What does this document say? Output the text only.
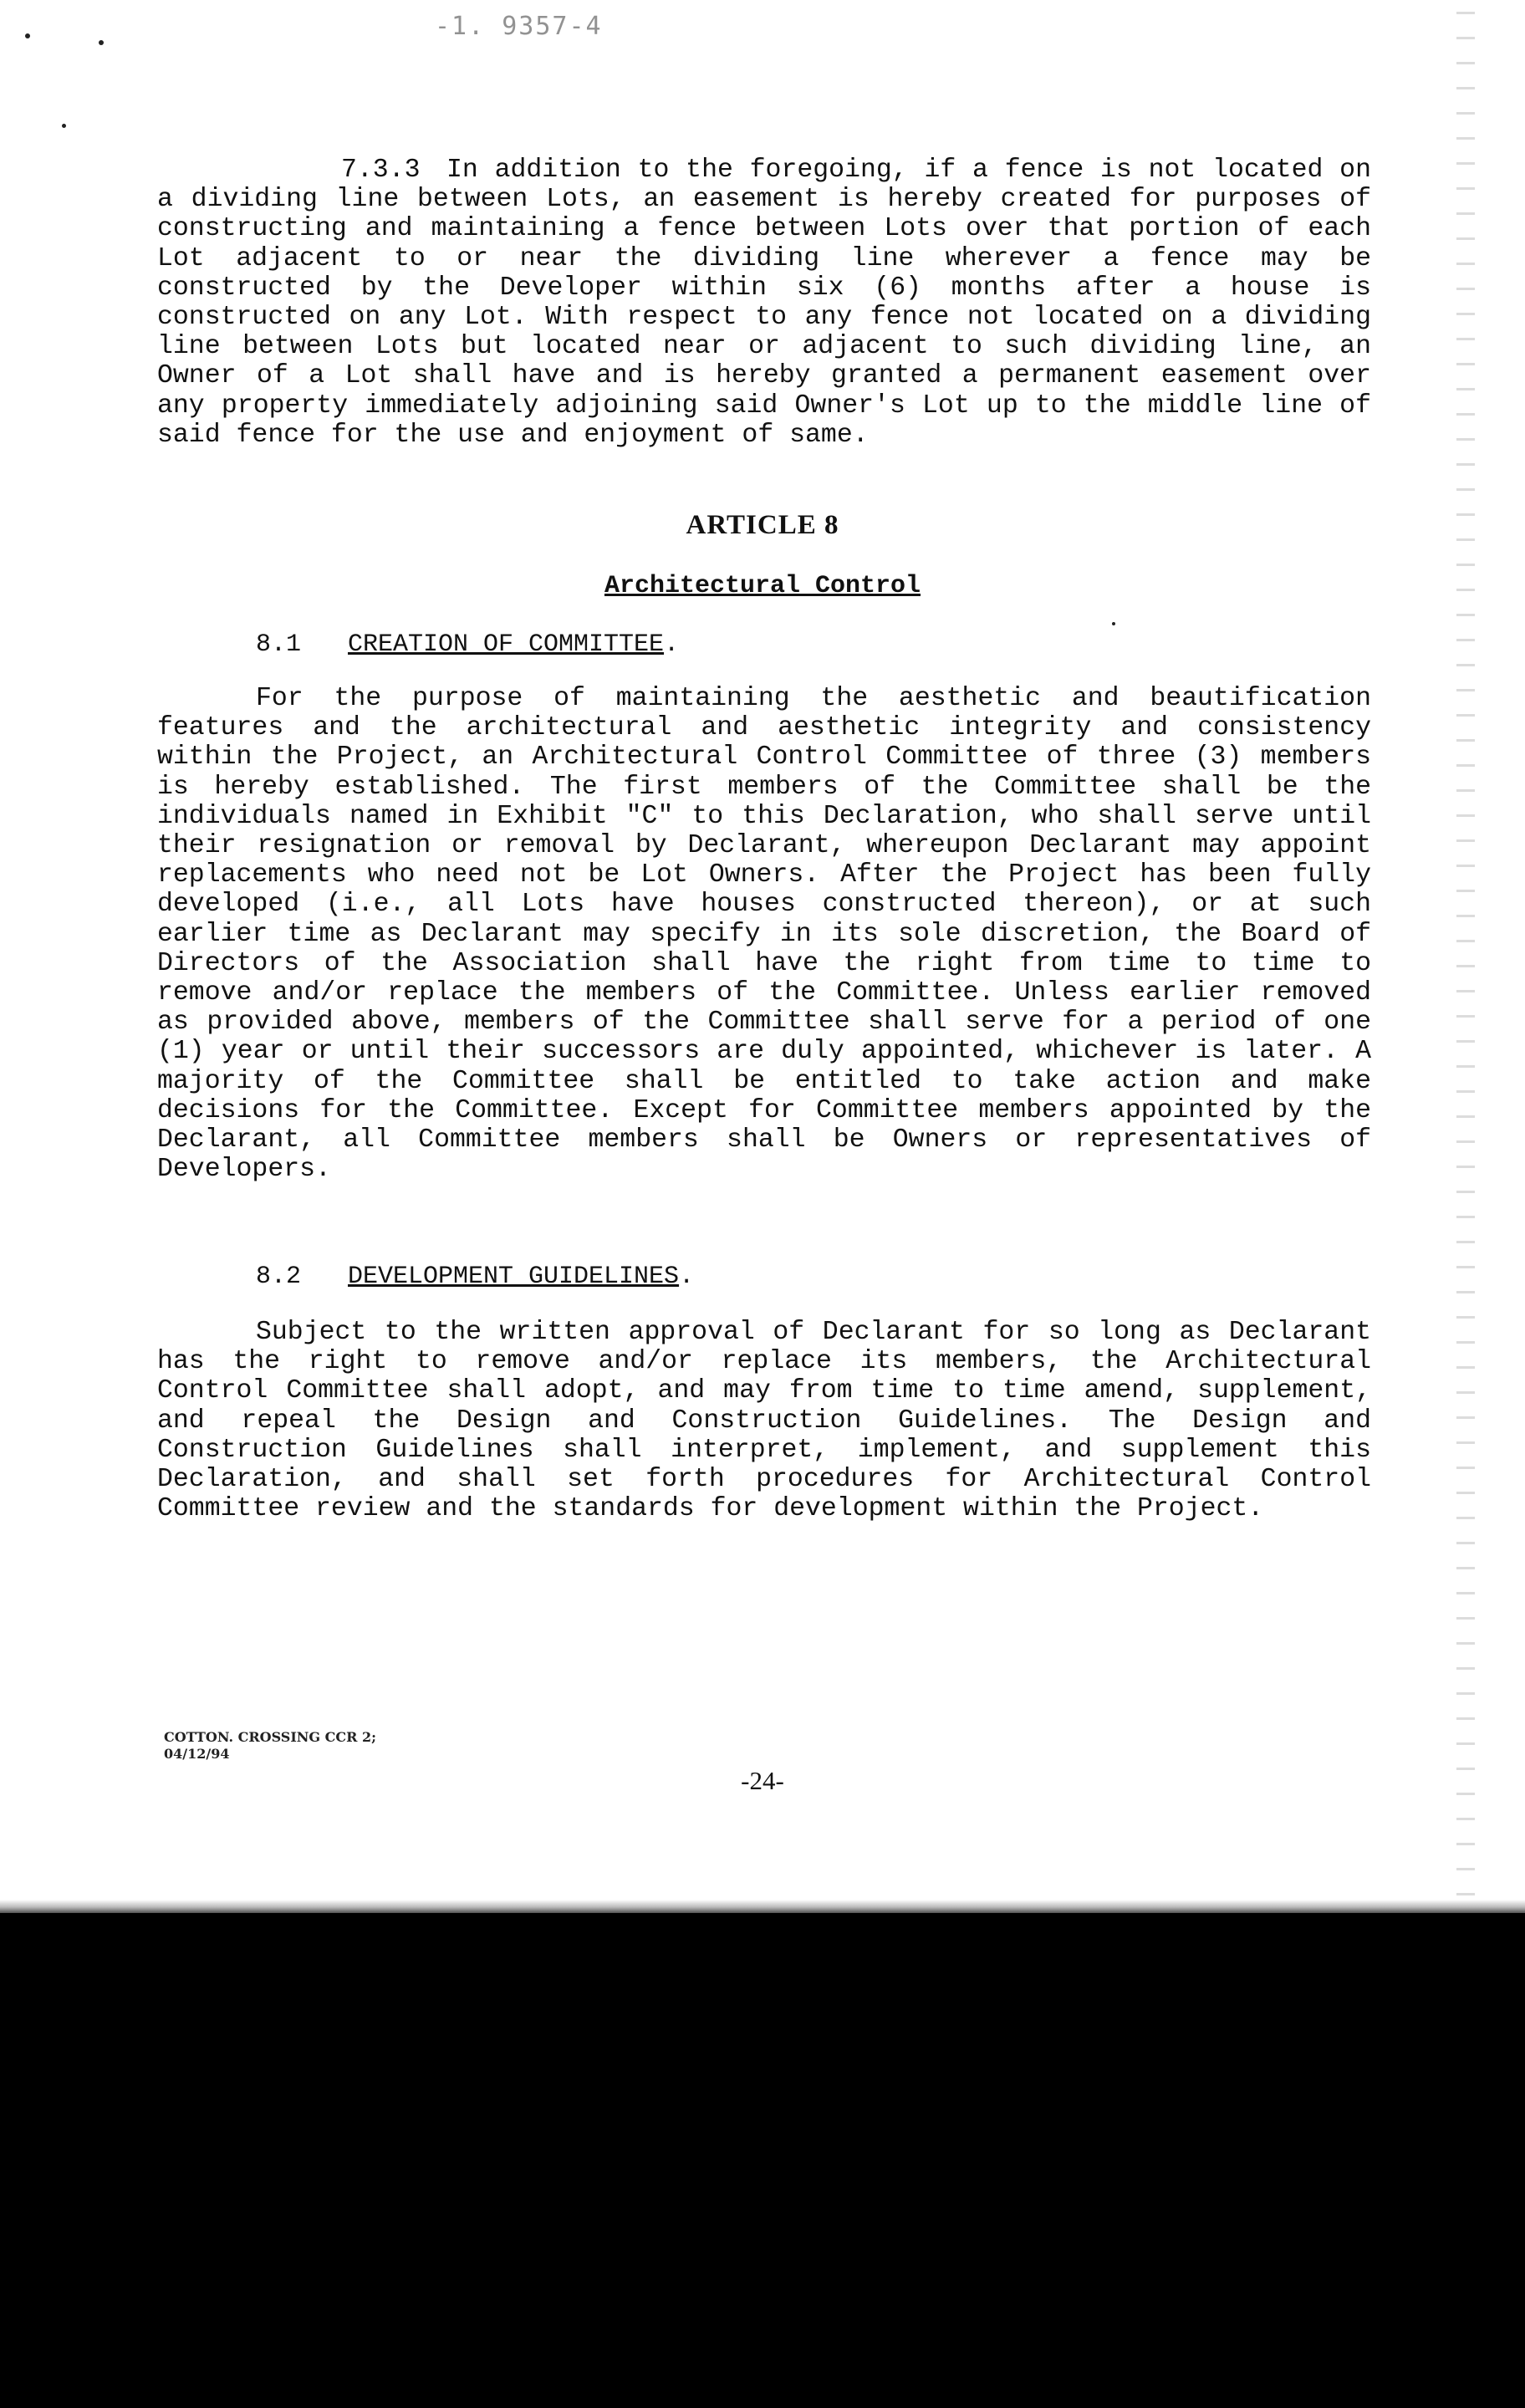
-1. 9357-4

7.3.3 In addition to the foregoing, if a fence is not located on a dividing line between Lots, an easement is hereby created for purposes of constructing and maintaining a fence between Lots over that portion of each Lot adjacent to or near the dividing line wherever a fence may be constructed by the Developer within six (6) months after a house is constructed on any Lot. With respect to any fence not located on a dividing line between Lots but located near or adjacent to such dividing line, an Owner of a Lot shall have and is hereby granted a permanent easement over any property immediately adjoining said Owner's Lot up to the middle line of said fence for the use and enjoyment of same.

ARTICLE 8
Architectural Control
8.1 CREATION OF COMMITTEE.

For the purpose of maintaining the aesthetic and beautification features and the architectural and aesthetic integrity and consistency within the Project, an Architectural Control Committee of three (3) members is hereby established. The first members of the Committee shall be the individuals named in Exhibit "C" to this Declaration, who shall serve until their resignation or removal by Declarant, whereupon Declarant may appoint replacements who need not be Lot Owners. After the Project has been fully developed (i.e., all Lots have houses constructed thereon), or at such earlier time as Declarant may specify in its sole discretion, the Board of Directors of the Association shall have the right from time to time to remove and/or replace the members of the Committee. Unless earlier removed as provided above, members of the Committee shall serve for a period of one (1) year or until their successors are duly appointed, whichever is later. A majority of the Committee shall be entitled to take action and make decisions for the Committee. Except for Committee members appointed by the Declarant, all Committee members shall be Owners or representatives of Developers.

8.2 DEVELOPMENT GUIDELINES.

Subject to the written approval of Declarant for so long as Declarant has the right to remove and/or replace its members, the Architectural Control Committee shall adopt, and may from time to time amend, supplement, and repeal the Design and Construction Guidelines. The Design and Construction Guidelines shall interpret, implement, and supplement this Declaration, and shall set forth procedures for Architectural Control Committee review and the standards for development within the Project.

COTTON. CROSSING CCR 2;
04/12/94
-24-
